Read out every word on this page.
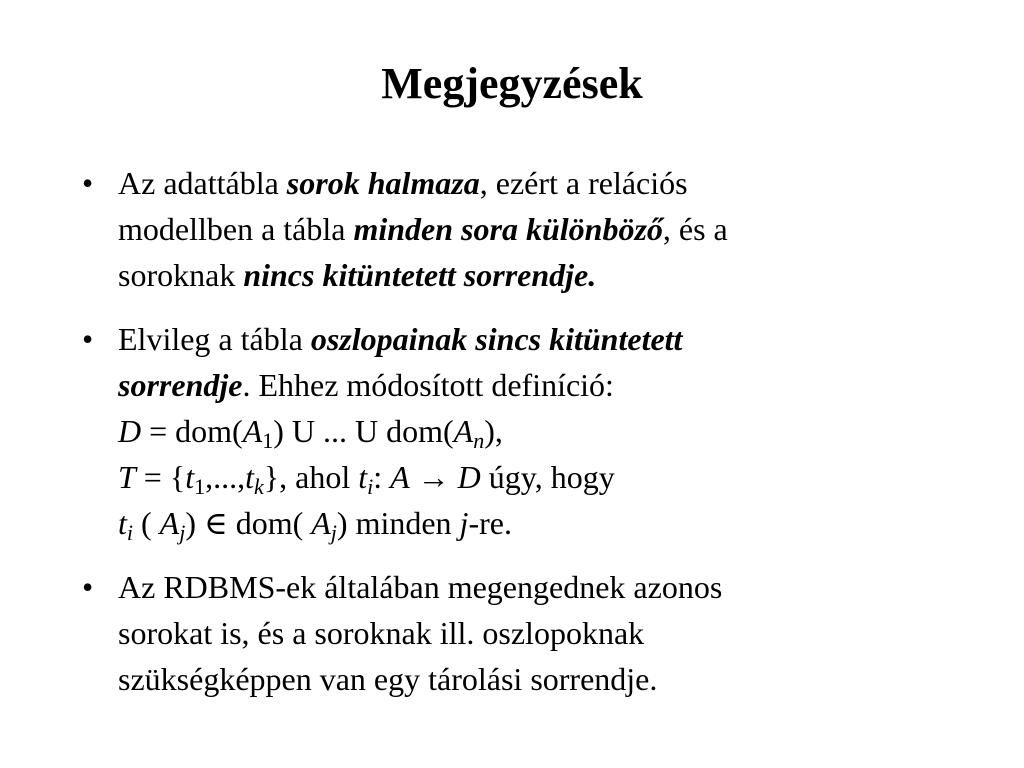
Megjegyzések
• Az adattábla sorok halmaza, ezért a relációs
modellben a tábla minden sora különböző, és a
soroknak nincs kitüntetett sorrendje.
• Elvileg a tábla oszlopainak sincs kitüntetett
sorrendje. Ehhez módosított definíció:
$D = dom(A_1)$ U ... U $dom(A_n)$,
$T = \{t_1,...,t_k\}$, ahol $t_i$: A → D úgy, hogy
$t_i$ ( $A_j$) ∈ dom( $A_j$) minden j-re.
• Az RDBMS-ek általában megengednek azonos
sorokat is, és a soroknak ill. oszlopoknak
szükségképpen van egy tárolási sorrendje.
